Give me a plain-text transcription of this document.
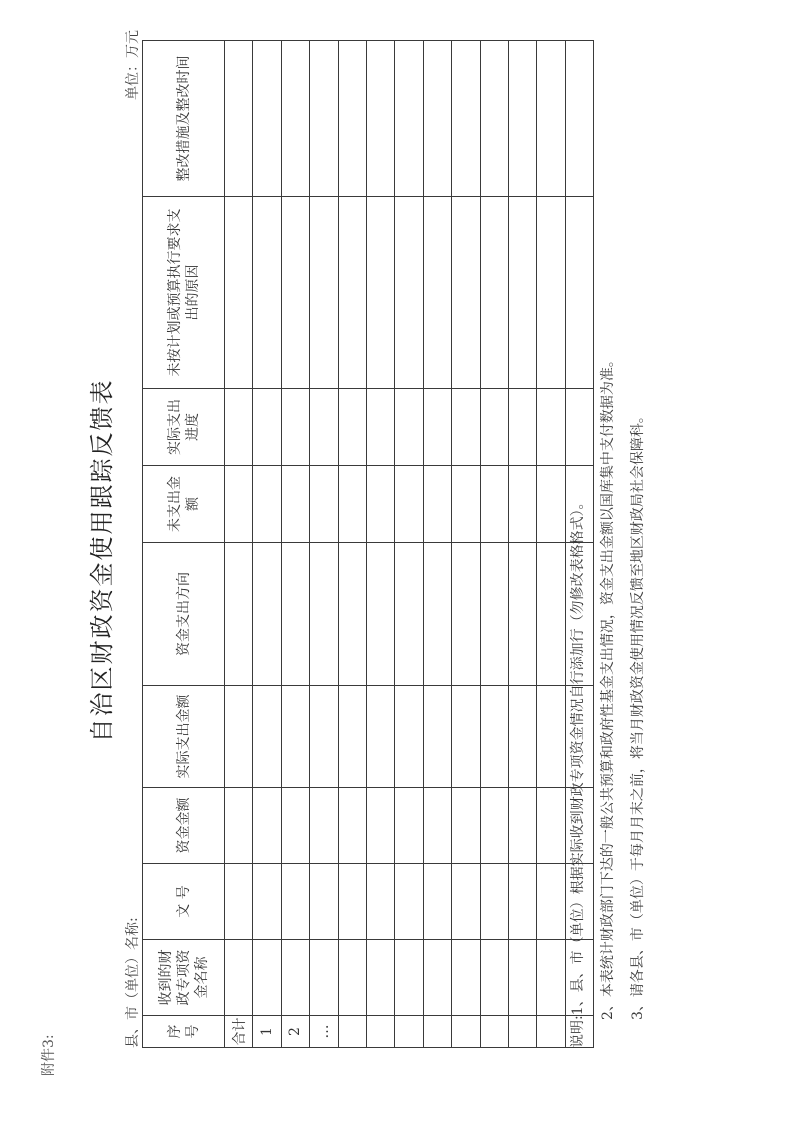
附件3:
自治区财政资金使用跟踪反馈表
县、市（单位）名称:
单位：万元
序号	收到的财政专项资金名称	文 号	资金金额	实际支出金额	资金支出方向	未支出金额	实际支出进度	未按计划或预算执行要求支出的原因	整改措施及整改时间
合计									
1									
2									
…									

										说明:1、县、市（单位）根据实际收到财政专项资金情况自行添加行（勿修改表格格式）。	2、本表统计财政部门下达的一般公共预算和政府性基金支出情况，资金支出金额以国库集中支付数据为准。	3、请各县、市（单位）于每月月末之前，将当月财政资金使用情况反馈至地区财政局社会保障科。
